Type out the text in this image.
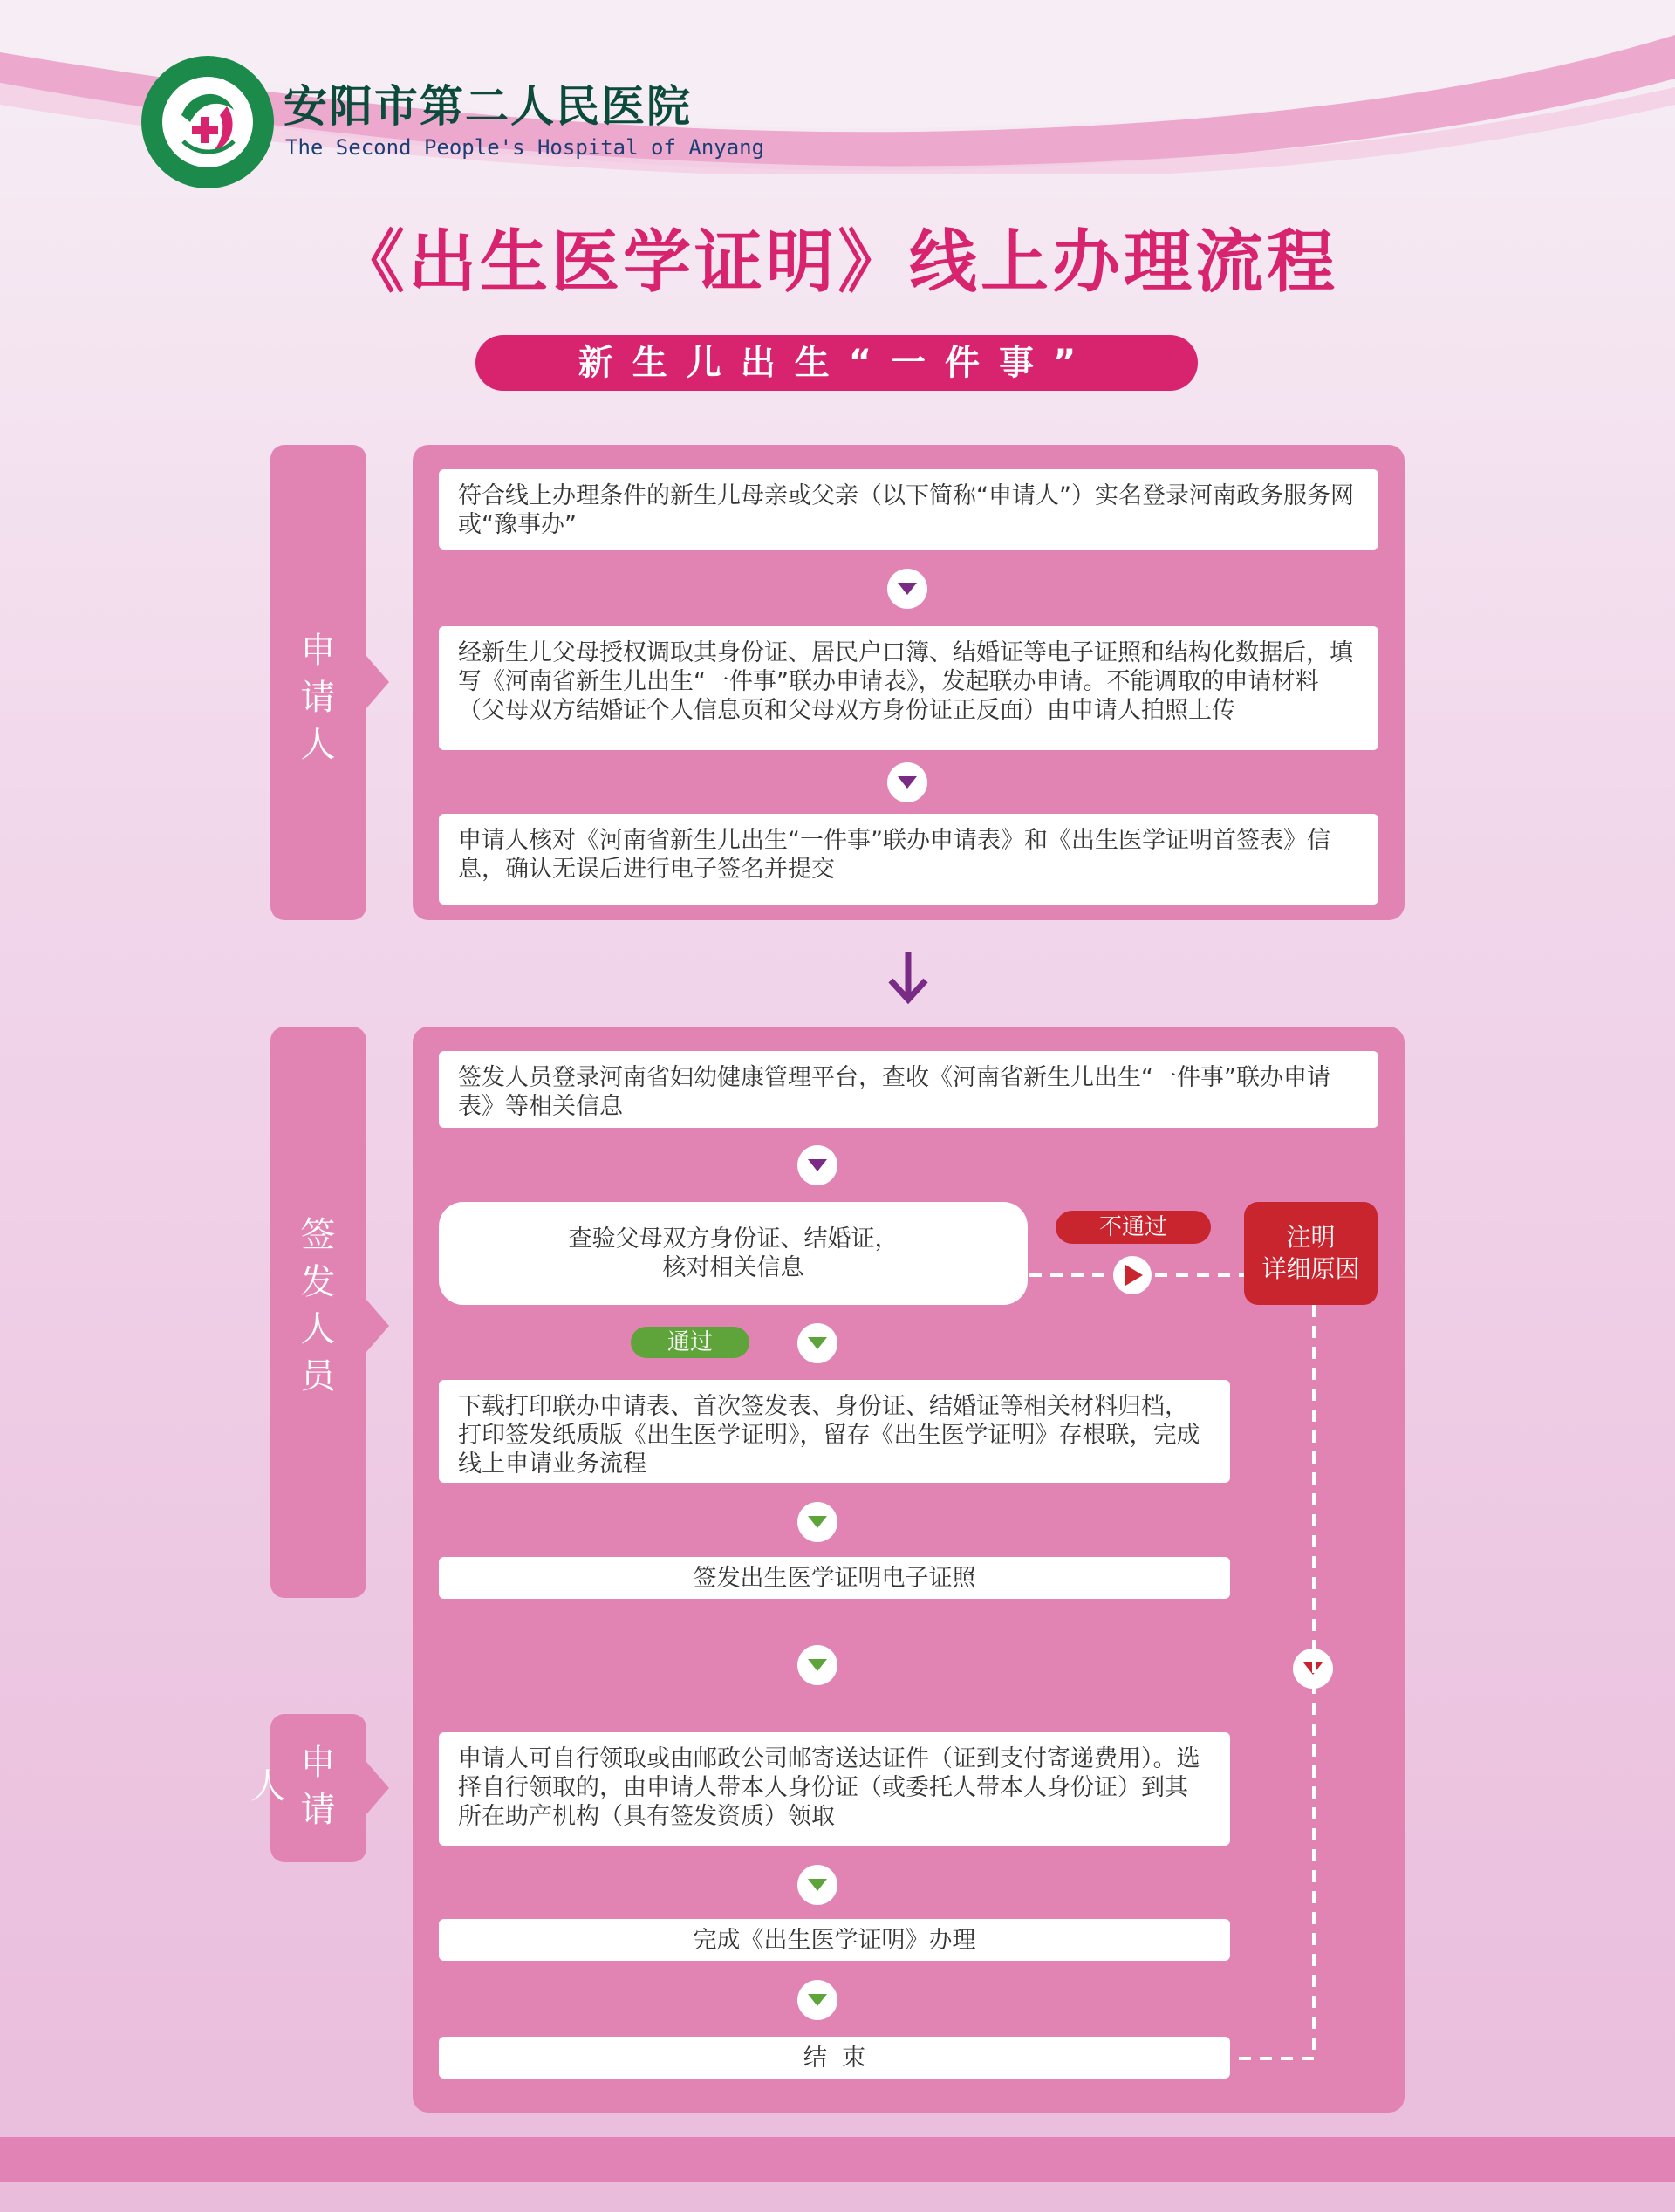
安阳市第二人民医院
The Second People's Hospital of Anyang
《出生医学证明》线上办理流程
新生儿出生“一件事”
申请人
符合线上办理条件的新生儿母亲或父亲（以下简称“申请人”）实名登录河南政务服务网或“豫事办”
经新生儿父母授权调取其身份证、居民户口簿、结婚证等电子证照和结构化数据后，填写《河南省新生儿出生“一件事”联办申请表》，发起联办申请。不能调取的申请材料（父母双方结婚证个人信息页和父母双方身份证正反面）由申请人拍照上传
申请人核对《河南省新生儿出生“一件事”联办申请表》和《出生医学证明首签表》信息，确认无误后进行电子签名并提交
签发人员
申请人
签发人员登录河南省妇幼健康管理平台，查收《河南省新生儿出生“一件事”联办申请表》等相关信息
查验父母双方身份证、结婚证，
核对相关信息
不通过	注明
详细原因
通过
下载打印联办申请表、首次签发表、身份证、结婚证等相关材料归档，打印签发纸质版《出生医学证明》，留存《出生医学证明》存根联，完成线上申请业务流程
签发出生医学证明电子证照
申请人可自行领取或由邮政公司邮寄送达证件（证到支付寄递费用）。选择自行领取的，由申请人带本人身份证（或委托人带本人身份证）到其所在助产机构（具有签发资质）领取
完成《出生医学证明》办理
结  束
